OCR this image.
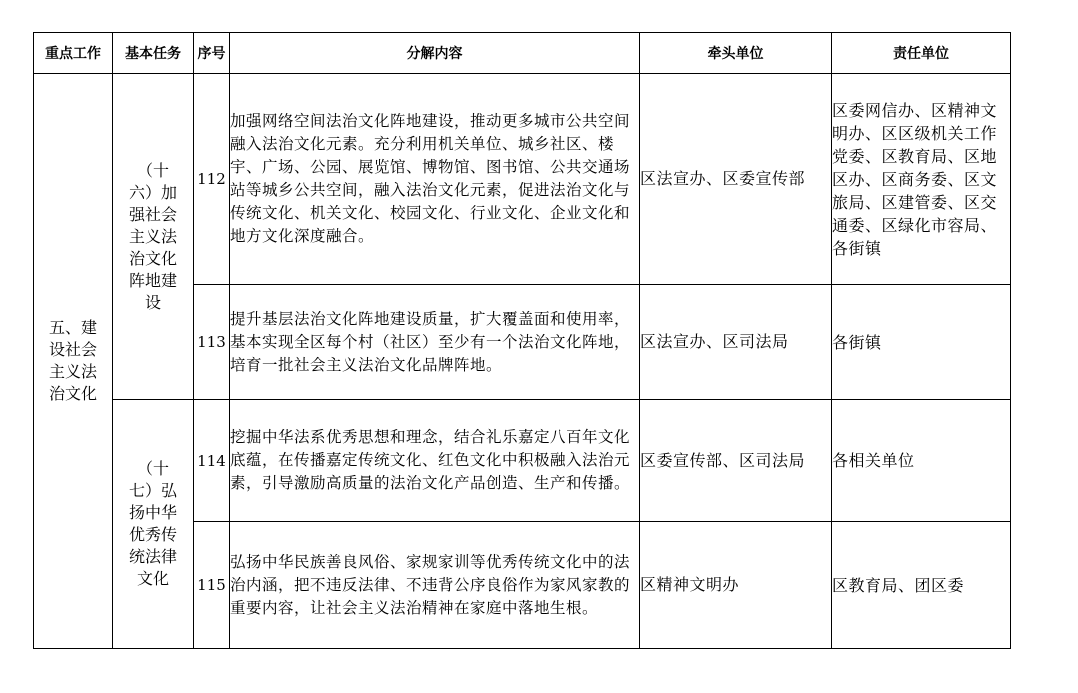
重点工作	基本任务	序号	分解内容	牵头单位	责任单位
五、建设社会主义法治文化	（十六）加强社会主义法治文化阵地建设	112	加强网络空间法治文化阵地建设，推动更多城市公共空间融入法治文化元素。充分利用机关单位、城乡社区、楼宇、广场、公园、展览馆、博物馆、图书馆、公共交通场站等城乡公共空间，融入法治文化元素，促进法治文化与传统文化、机关文化、校园文化、行业文化、企业文化和地方文化深度融合。	区法宣办、区委宣传部	区委网信办、区精神文明办、区区级机关工作党委、区教育局、区地区办、区商务委、区文旅局、区建管委、区交通委、区绿化市容局、各街镇

		113	提升基层法治文化阵地建设质量，扩大覆盖面和使用率，基本实现全区每个村（社区）至少有一个法治文化阵地，培育一批社会主义法治文化品牌阵地。	区法宣办、区司法局	各街镇

	（十七）弘扬中华优秀传统法律文化	114	挖掘中华法系优秀思想和理念，结合礼乐嘉定八百年文化底蕴，在传播嘉定传统文化、红色文化中积极融入法治元素，引导激励高质量的法治文化产品创造、生产和传播。	区委宣传部、区司法局	各相关单位

		115	弘扬中华民族善良风俗、家规家训等优秀传统文化中的法治内涵，把不违反法律、不违背公序良俗作为家风家教的重要内容，让社会主义法治精神在家庭中落地生根。	区精神文明办	区教育局、团区委
